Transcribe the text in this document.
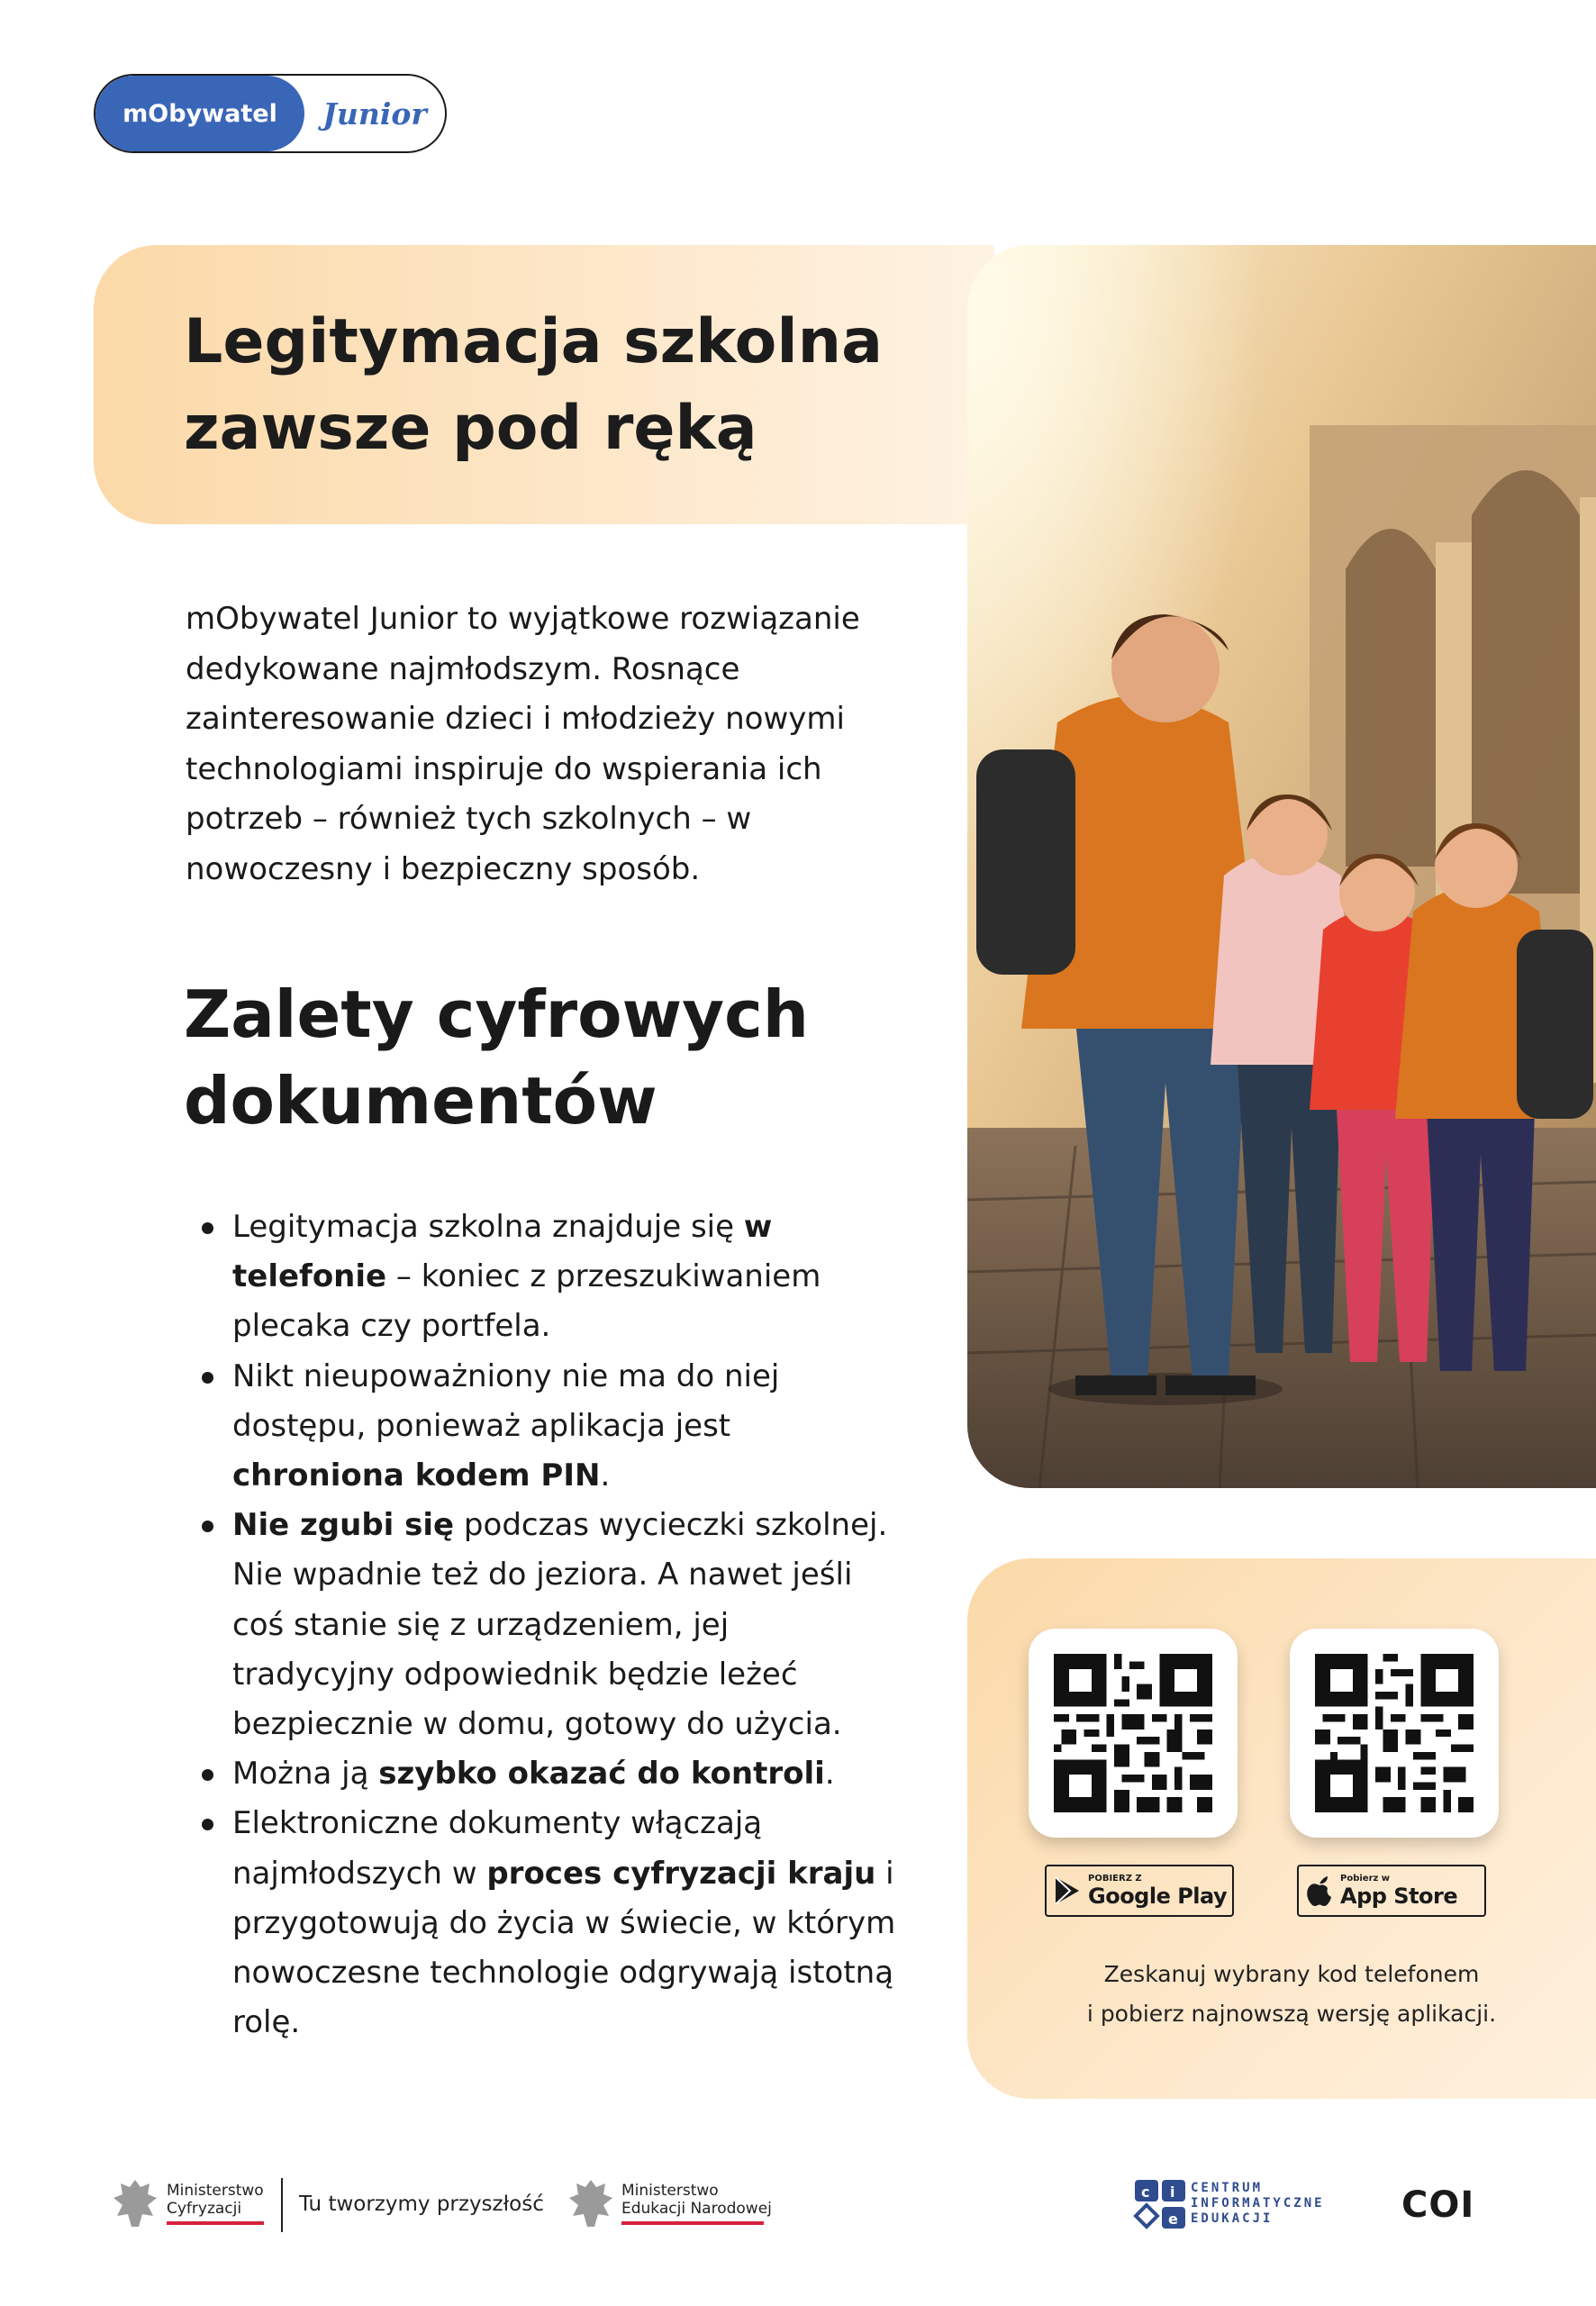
mObywatel	Junior
Legitymacja szkolna zawsze pod ręką

mObywatel Junior to wyjątkowe rozwiązanie dedykowane najmłodszym. Rosnące zainteresowanie dzieci i młodzieży nowymi technologiami inspiruje do wspierania ich potrzeb – również tych szkolnych – w nowoczesny i bezpieczny sposób.

Zalety cyfrowych dokumentów
Legitymacja szkolna znajduje się w telefonie – koniec z przeszukiwaniem plecaka czy portfela.
Nikt nieupoważniony nie ma do niej dostępu, ponieważ aplikacja jest chroniona kodem PIN.
Nie zgubi się podczas wycieczki szkolnej. Nie wpadnie też do jeziora. A nawet jeśli coś stanie się z urządzeniem, jej tradycyjny odpowiednik będzie leżeć bezpiecznie w domu, gotowy do użycia.
Można ją szybko okazać do kontroli.
Elektroniczne dokumenty włączają najmłodszych w proces cyfryzacji kraju i przygotowują do życia w świecie, w którym nowoczesne technologie odgrywają istotną rolę.
POBIERZ Z
Google Play
Pobierz w
App Store
Zeskanuj wybrany kod telefonem
i pobierz najnowszą wersję aplikacji.
Ministerstwo
Cyfryzacji	Tu tworzymy przyszłość
Ministerstwo
Edukacji Narodowej
c i
e
CENTRUM
INFORMATYCZNE
EDUKACJI	COI
